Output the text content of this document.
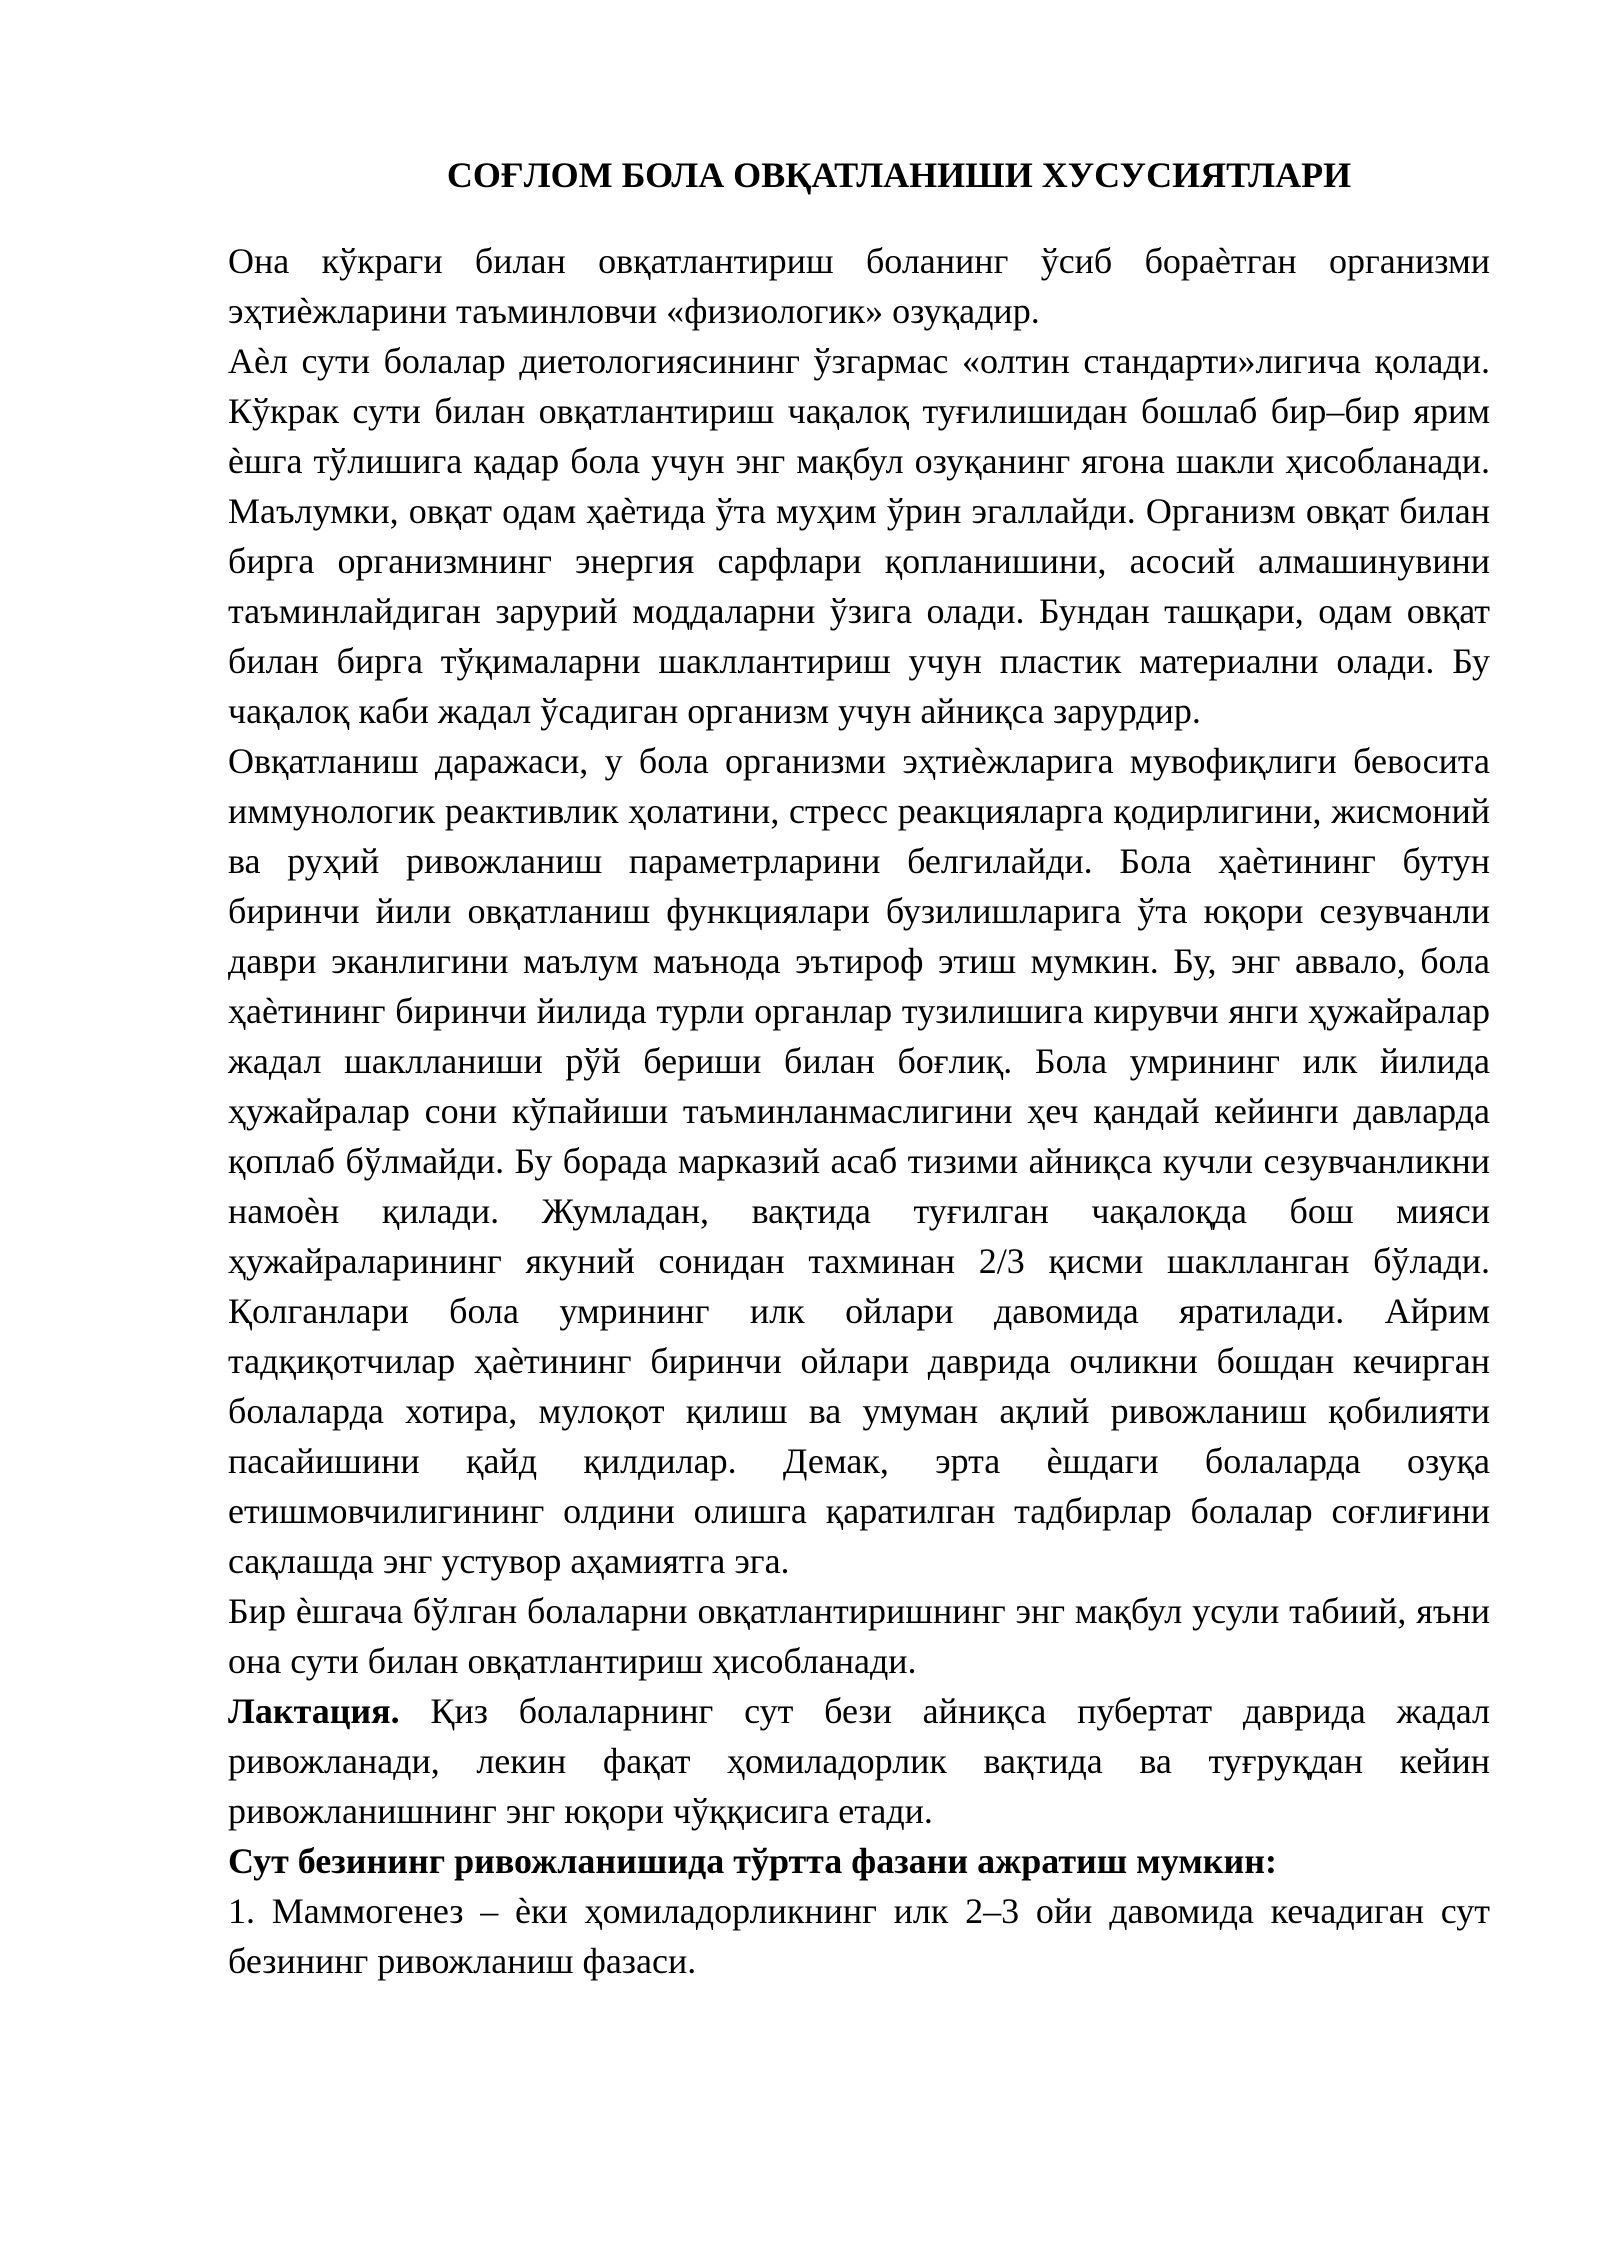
СОҒЛОМ БОЛА ОВҚАТЛАНИШИ ХУСУСИЯТЛАРИ

Она кўкраги билан овқатлантириш боланинг ўсиб бораѐтган организми эҳтиѐжларини таъминловчи «физиологик» озуқадир.

Аѐл сути болалар диетологиясининг ўзгармас «олтин стандарти»лигича қолади. Кўкрак сути билан овқатлантириш чақалоқ туғилишидан бошлаб бир–бир ярим ѐшга тўлишига қадар бола учун энг мақбул озуқанинг ягона шакли ҳисобланади. Маълумки, овқат одам ҳаѐтида ўта муҳим ўрин эгаллайди. Организм овқат билан бирга организмнинг энергия сарфлари қопланишини, асосий алмашинувини таъминлайдиган зарурий моддаларни ўзига олади. Бундан ташқари, одам овқат билан бирга тўқималарни шакллантириш учун пластик материални олади. Бу чақалоқ каби жадал ўсадиган организм учун айниқса зарурдир.

Овқатланиш даражаси, у бола организми эҳтиѐжларига мувофиқлиги бевосита иммунологик реактивлик ҳолатини, стресс реакцияларга қодирлигини, жисмоний ва руҳий ривожланиш параметрларини белгилайди. Бола ҳаѐтининг бутун биринчи йили овқатланиш функциялари бузилишларига ўта юқори сезувчанли даври эканлигини маълум маънода эътироф этиш мумкин. Бу, энг аввало, бола ҳаѐтининг биринчи йилида турли органлар тузилишига кирувчи янги ҳужайралар жадал шаклланиши рўй бериши билан боғлиқ. Бола умрининг илк йилида ҳужайралар сони кўпайиши таъминланмаслигини ҳеч қандай кейинги давларда қоплаб бўлмайди. Бу борада марказий асаб тизими айниқса кучли сезувчанликни намоѐн қилади. Жумладан, вақтида туғилган чақалоқда бош мияси ҳужайраларининг якуний сонидан тахминан 2/3 қисми шаклланган бўлади. Қолганлари бола умрининг илк ойлари давомида яратилади. Айрим тадқиқотчилар ҳаѐтининг биринчи ойлари даврида очликни бошдан кечирган болаларда хотира, мулоқот қилиш ва умуман ақлий ривожланиш қобилияти пасайишини қайд қилдилар. Демак, эрта ѐшдаги болаларда озуқа етишмовчилигининг олдини олишга қаратилган тадбирлар болалар соғлиғини сақлашда энг устувор аҳамиятга эга.

Бир ѐшгача бўлган болаларни овқатлантиришнинг энг мақбул усули табиий, яъни она сути билан овқатлантириш ҳисобланади.

Лактация. Қиз болаларнинг сут бези айниқса пубертат даврида жадал ривожланади, лекин фақат ҳомиладорлик вақтида ва туғруқдан кейин ривожланишнинг энг юқори чўққисига етади.

Сут безининг ривожланишида тўртта фазани ажратиш мумкин:

1. Маммогенез – ѐки ҳомиладорликнинг илк 2–3 ойи давомида кечадиган сут безининг ривожланиш фазаси.
